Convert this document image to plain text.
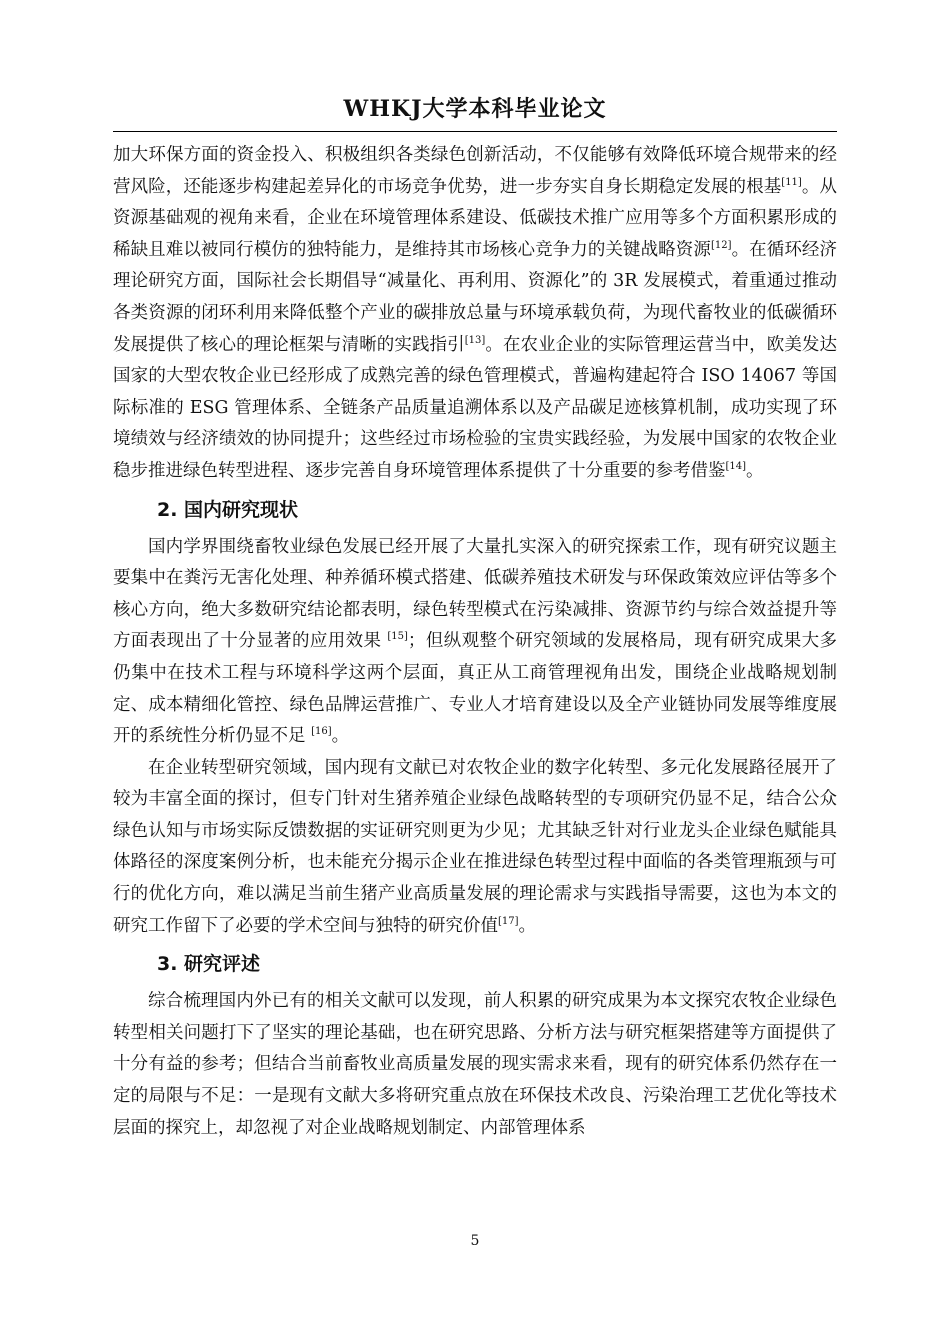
WHKJ大学本科毕业论文

加大环保方面的资金投入、积极组织各类绿色创新活动，不仅能够有效降低环境合规带来的经营风险，还能逐步构建起差异化的市场竞争优势，进一步夯实自身长期稳定发展的根基[11]。从资源基础观的视角来看，企业在环境管理体系建设、低碳技术推广应用等多个方面积累形成的稀缺且难以被同行模仿的独特能力，是维持其市场核心竞争力的关键战略资源[12]。在循环经济理论研究方面，国际社会长期倡导“减量化、再利用、资源化”的 3R 发展模式，着重通过推动各类资源的闭环利用来降低整个产业的碳排放总量与环境承载负荷，为现代畜牧业的低碳循环发展提供了核心的理论框架与清晰的实践指引[13]。在农业企业的实际管理运营当中，欧美发达国家的大型农牧企业已经形成了成熟完善的绿色管理模式，普遍构建起符合 ISO 14067 等国际标准的 ESG 管理体系、全链条产品质量追溯体系以及产品碳足迹核算机制，成功实现了环境绩效与经济绩效的协同提升；这些经过市场检验的宝贵实践经验，为发展中国家的农牧企业稳步推进绿色转型进程、逐步完善自身环境管理体系提供了十分重要的参考借鉴[14]。

2. 国内研究现状

国内学界围绕畜牧业绿色发展已经开展了大量扎实深入的研究探索工作，现有研究议题主要集中在粪污无害化处理、种养循环模式搭建、低碳养殖技术研发与环保政策效应评估等多个核心方向，绝大多数研究结论都表明，绿色转型模式在污染减排、资源节约与综合效益提升等方面表现出了十分显著的应用效果 [15]；但纵观整个研究领域的发展格局，现有研究成果大多仍集中在技术工程与环境科学这两个层面，真正从工商管理视角出发，围绕企业战略规划制定、成本精细化管控、绿色品牌运营推广、专业人才培育建设以及全产业链协同发展等维度展开的系统性分析仍显不足 [16]。

在企业转型研究领域，国内现有文献已对农牧企业的数字化转型、多元化发展路径展开了较为丰富全面的探讨，但专门针对生猪养殖企业绿色战略转型的专项研究仍显不足，结合公众绿色认知与市场实际反馈数据的实证研究则更为少见；尤其缺乏针对行业龙头企业绿色赋能具体路径的深度案例分析，也未能充分揭示企业在推进绿色转型过程中面临的各类管理瓶颈与可行的优化方向，难以满足当前生猪产业高质量发展的理论需求与实践指导需要，这也为本文的研究工作留下了必要的学术空间与独特的研究价值[17]。

3. 研究评述

综合梳理国内外已有的相关文献可以发现，前人积累的研究成果为本文探究农牧企业绿色转型相关问题打下了坚实的理论基础，也在研究思路、分析方法与研究框架搭建等方面提供了十分有益的参考；但结合当前畜牧业高质量发展的现实需求来看，现有的研究体系仍然存在一定的局限与不足：一是现有文献大多将研究重点放在环保技术改良、污染治理工艺优化等技术层面的探究上，却忽视了对企业战略规划制定、内部管理体系

5
